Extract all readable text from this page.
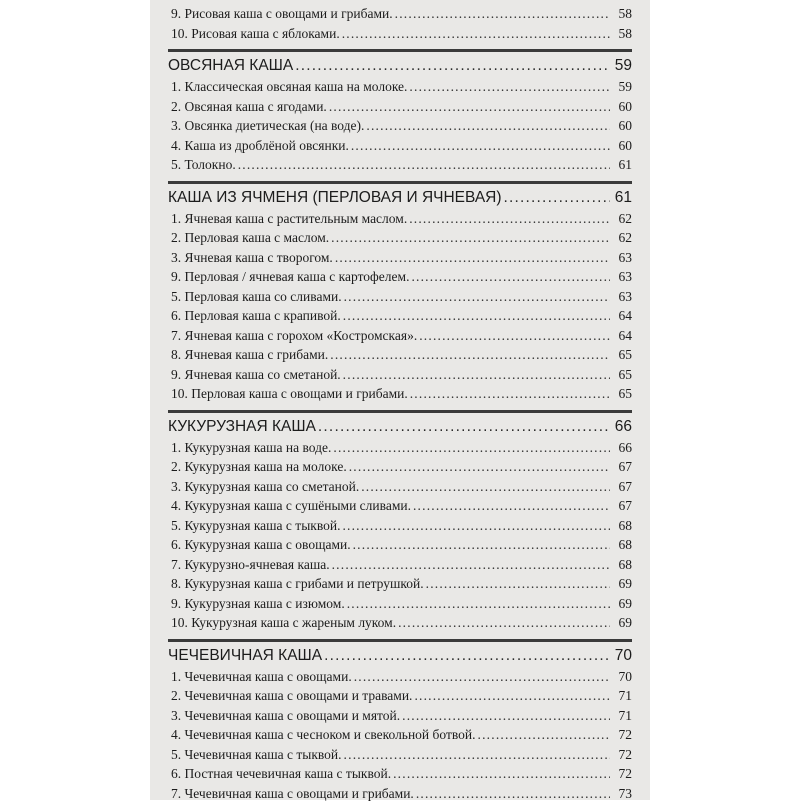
9. Рисовая каша с овощами и грибами. .....	58
10. Рисовая каша с яблоками. .....	58
ОВСЯНАЯ КАША .....	59
1. Классическая овсяная каша на молоке. .....	59
2. Овсяная каша с ягодами. .....	60
3. Овсянка диетическая (на воде). .....	60
4. Каша из дроблёной овсянки. .....	60
5. Толокно. .....	61
КАША ИЗ ЯЧМЕНЯ (ПЕРЛОВАЯ И ЯЧНЕВАЯ) .....	61
1. Ячневая каша с растительным маслом. .....	62
2. Перловая каша с маслом. .....	62
3. Ячневая каша с творогом. .....	63
9. Перловая / ячневая каша с картофелем. .....	63
5. Перловая каша со сливами. .....	63
6. Перловая каша с крапивой. .....	64
7. Ячневая каша с горохом «Костромская». .....	64
8. Ячневая каша с грибами. .....	65
9. Ячневая каша со сметаной. .....	65
10. Перловая каша с овощами и грибами. .....	65
КУКУРУЗНАЯ КАША .....	66
1. Кукурузная каша на воде. .....	66
2. Кукурузная каша на молоке. .....	67
3. Кукурузная каша со сметаной. .....	67
4. Кукурузная каша с сушёными сливами. .....	67
5. Кукурузная каша с тыквой. .....	68
6. Кукурузная каша с овощами. .....	68
7. Кукурузно-ячневая каша. .....	68
8. Кукурузная каша с грибами и петрушкой. .....	69
9. Кукурузная каша с изюмом. .....	69
10. Кукурузная каша с жареным луком. .....	69
ЧЕЧЕВИЧНАЯ КАША .....	70
1. Чечевичная каша с овощами. .....	70
2. Чечевичная каша с овощами и травами. .....	71
3. Чечевичная каша с овощами и мятой. .....	71
4. Чечевичная каша с чесноком и свекольной ботвой. .....	72
5. Чечевичная каша с тыквой. .....	72
6. Постная чечевичная каша с тыквой. .....	72
7. Чечевичная каша с овощами и грибами. .....	73
